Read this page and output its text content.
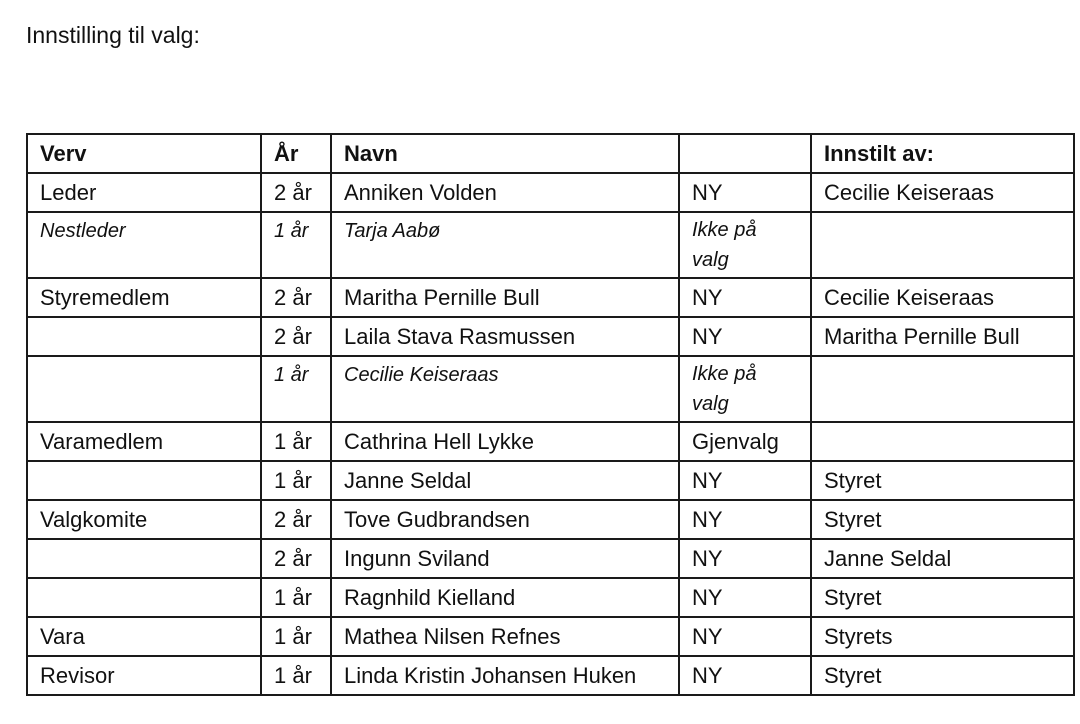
Innstilling til valg:
Verv	År	Navn		Innstilt av:
Leder	2 år	Anniken Volden	NY	Cecilie Keiseraas
Nestleder	1 år	Tarja Aabø	Ikke på valg	
Styremedlem	2 år	Maritha Pernille Bull	NY	Cecilie Keiseraas
	2 år	Laila Stava Rasmussen	NY	Maritha Pernille Bull
	1 år	Cecilie Keiseraas	Ikke på valg	
Varamedlem	1 år	Cathrina Hell Lykke	Gjenvalg	
	1 år	Janne Seldal	NY	Styret
Valgkomite	2 år	Tove Gudbrandsen	NY	Styret
	2 år	Ingunn Sviland	NY	Janne Seldal
	1 år	Ragnhild Kielland	NY	Styret
Vara	1 år	Mathea Nilsen Refnes	NY	Styrets
Revisor	1 år	Linda Kristin Johansen Huken	NY	Styret
